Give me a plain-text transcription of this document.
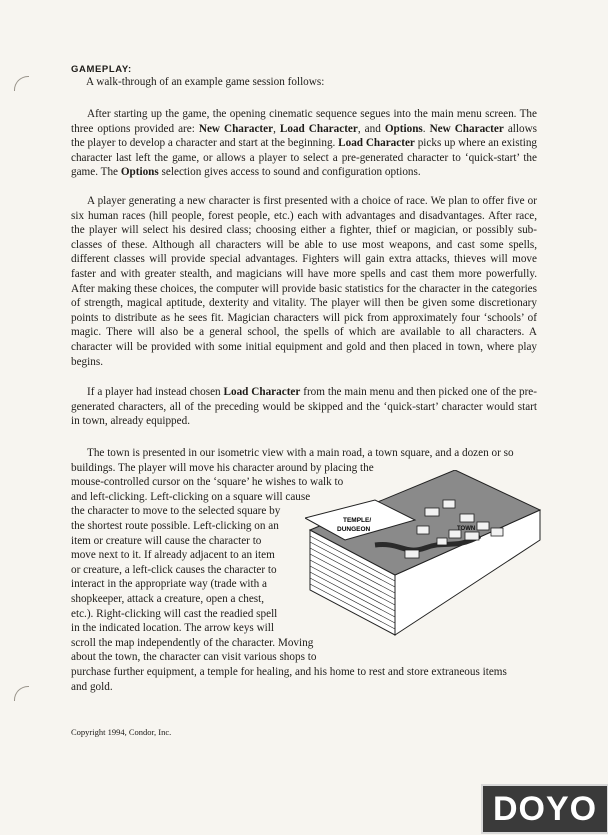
GAMEPLAY:

A walk-through of an example game session follows:

After starting up the game, the opening cinematic sequence segues into the main menu screen. The three options provided are: New Character, Load Character, and Options. New Character allows the player to develop a character and start at the beginning. Load Character picks up where an existing character last left the game, or allows a player to select a pre-generated character to ‘quick-start’ the game. The Options selection gives access to sound and configuration options.

A player generating a new character is first presented with a choice of race. We plan to offer five or six human races (hill people, forest people, etc.) each with advantages and disadvantages. After race, the player will select his desired class; choosing either a fighter, thief or magician, or possibly sub-classes of these. Although all characters will be able to use most weapons, and cast some spells, different classes will provide special advantages. Fighters will gain extra attacks, thieves will move faster and with greater stealth, and magicians will have more spells and cast them more powerfully. After making these choices, the computer will provide basic statistics for the character in the categories of strength, magical aptitude, dexterity and vitality. The player will then be given some discretionary points to distribute as he sees fit. Magician characters will pick from approximately four ‘schools’ of magic. There will also be a general school, the spells of which are available to all characters. A character will be provided with some initial equipment and gold and then placed in town, where play begins.

If a player had instead chosen Load Character from the main menu and then picked one of the pre-generated characters, all of the preceding would be skipped and the ‘quick-start’ character would start in town, already equipped.

The town is presented in our isometric view with a main road, a town square, and a dozen or so
buildings. The player will move his character around by placing the
mouse-controlled cursor on the ‘square’ he wishes to walk to
and left-clicking. Left-clicking on a square will cause
the character to move to the selected square by
the shortest route possible. Left-clicking on an
item or creature will cause the character to
move next to it. If already adjacent to an item
or creature, a left-click causes the character to
interact in the appropriate way (trade with a
shopkeeper, attack a creature, open a chest,
etc.). Right-clicking will cast the readied spell
in the indicated location. The arrow keys will
scroll the map independently of the character. Moving
about the town, the character can visit various shops to
purchase further equipment, a temple for healing, and his home to rest and store extraneous items
and gold.
TEMPLE/
DUNGEON	TOWN
Copyright 1994, Condor, Inc.
DOYO
